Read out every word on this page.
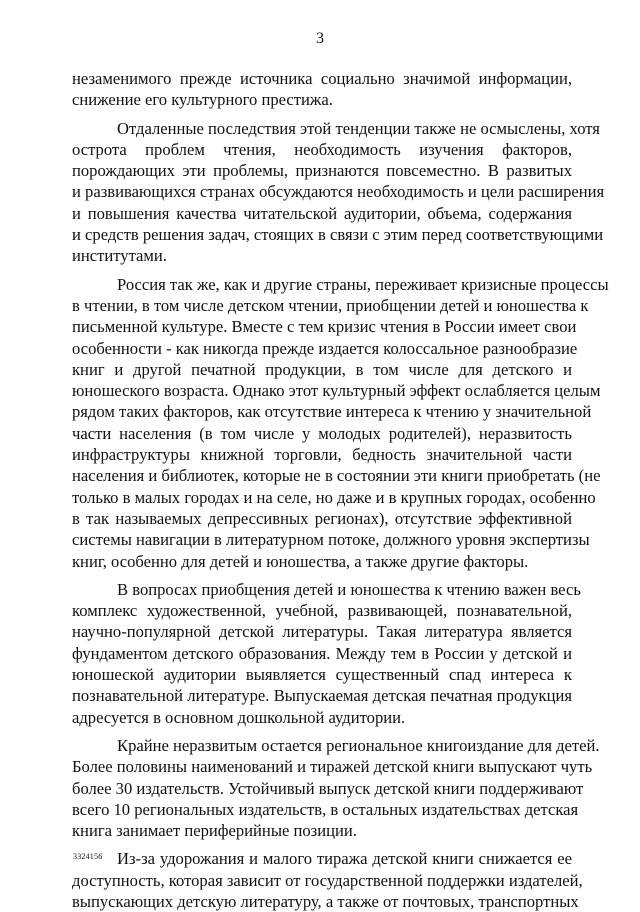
3
незаменимого прежде источника социально значимой информации,
снижение его культурного престижа.
Отдаленные последствия этой тенденции также не осмыслены, хотя
острота проблем чтения, необходимость изучения факторов,
порождающих эти проблемы, признаются повсеместно. В развитых
и развивающихся странах обсуждаются необходимость и цели расширения
и повышения качества читательской аудитории, объема, содержания
и средств решения задач, стоящих в связи с этим перед соответствующими
институтами.
Россия так же, как и другие страны, переживает кризисные процессы
в чтении, в том числе детском чтении, приобщении детей и юношества к
письменной культуре. Вместе с тем кризис чтения в России имеет свои
особенности - как никогда прежде издается колоссальное разнообразие
книг и другой печатной продукции, в том числе для детского и
юношеского возраста. Однако этот культурный эффект ослабляется целым
рядом таких факторов, как отсутствие интереса к чтению у значительной
части населения (в том числе у молодых родителей), неразвитость
инфраструктуры книжной торговли, бедность значительной части
населения и библиотек, которые не в состоянии эти книги приобретать (не
только в малых городах и на селе, но даже и в крупных городах, особенно
в так называемых депрессивных регионах), отсутствие эффективной
системы навигации в литературном потоке, должного уровня экспертизы
книг, особенно для детей и юношества, а также другие факторы.
В вопросах приобщения детей и юношества к чтению важен весь
комплекс художественной, учебной, развивающей, познавательной,
научно-популярной детской литературы. Такая литература является
фундаментом детского образования. Между тем в России у детской и
юношеской аудитории выявляется существенный спад интереса к
познавательной литературе. Выпускаемая детская печатная продукция
адресуется в основном дошкольной аудитории.
Крайне неразвитым остается региональное книгоиздание для детей.
Более половины наименований и тиражей детской книги выпускают чуть
более 30 издательств. Устойчивый выпуск детской книги поддерживают
всего 10 региональных издательств, в остальных издательствах детская
книга занимает периферийные позиции.
Из-за удорожания и малого тиража детской книги снижается ее
доступность, которая зависит от государственной поддержки издателей,
выпускающих детскую литературу, а также от почтовых, транспортных
3324156
